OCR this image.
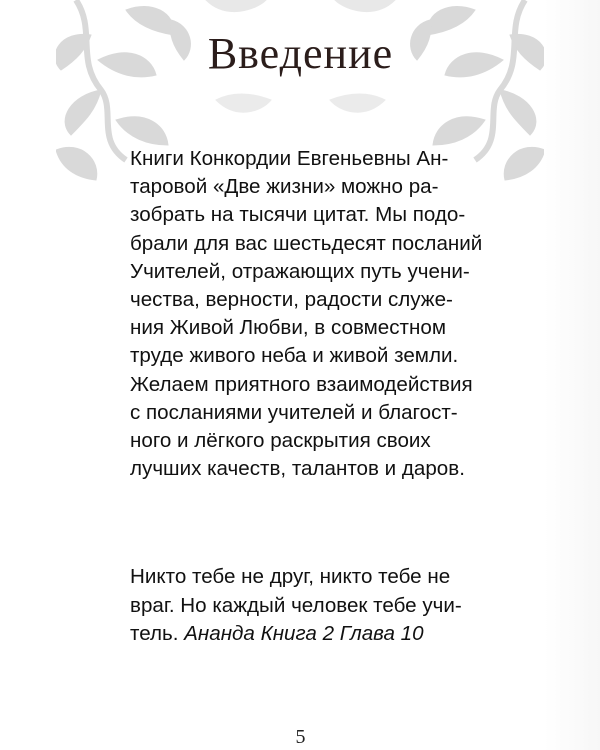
Введение
Книги Конкордии Евгеньевны Ан-
таровой «Две жизни» можно ра-
зобрать на тысячи цитат. Мы подо-
брали для вас шестьдесят посланий
Учителей, отражающих путь учени-
чества, верности, радости служе-
ния Живой Любви, в совместном
труде живого неба и живой земли.
Желаем приятного взаимодействия
с посланиями учителей и благост-
ного и лёгкого раскрытия своих
лучших качеств, талантов и даров.
Никто тебе не друг, никто тебе не
враг. Но каждый человек тебе учи-
тель. Ананда Книга 2 Глава 10
5
